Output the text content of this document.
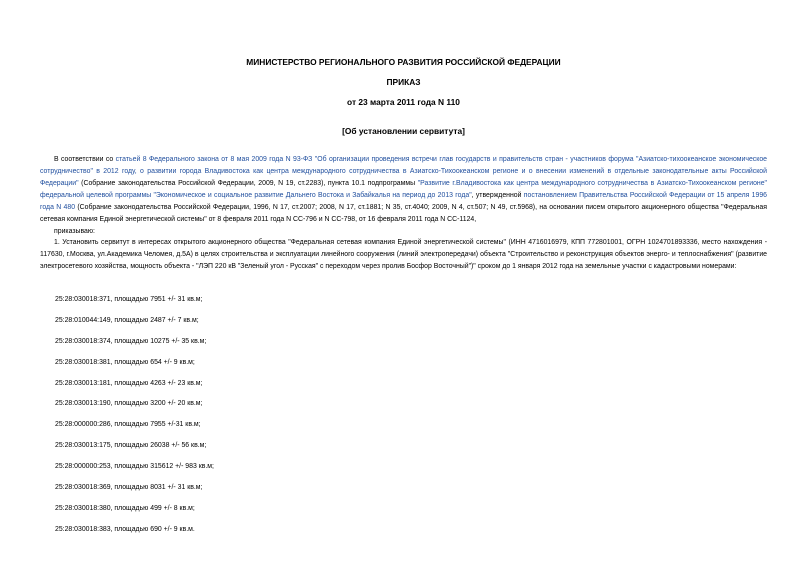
МИНИСТЕРСТВО РЕГИОНАЛЬНОГО РАЗВИТИЯ РОССИЙСКОЙ ФЕДЕРАЦИИ
ПРИКАЗ
от 23 марта 2011 года N 110
[Об установлении сервитута]
В соответствии со статьей 8 Федерального закона от 8 мая 2009 года N 93-ФЗ "Об организации проведения встречи глав государств и правительств стран - участников форума "Азиатско-тихоокеанское экономическое сотрудничество" в 2012 году, о развитии города Владивостока как центра международного сотрудничества в Азиатско-Тихоокеанском регионе и о внесении изменений в отдельные законодательные акты Российской Федерации" (Собрание законодательства Российской Федерации, 2009, N 19, ст.2283), пункта 10.1 подпрограммы "Развитие г.Владивостока как центра международного сотрудничества в Азиатско-Тихоокеанском регионе" федеральной целевой программы "Экономическое и социальное развитие Дальнего Востока и Забайкалья на период до 2013 года", утвержденной постановлением Правительства Российской Федерации от 15 апреля 1996 года N 480 (Собрание законодательства Российской Федерации, 1996, N 17, ст.2007; 2008, N 17, ст.1881; N 35, ст.4040; 2009, N 4, ст.507; N 49, ст.5968), на основании писем открытого акционерного общества "Федеральная сетевая компания Единой энергетической системы" от 8 февраля 2011 года N СС-796 и N СС-798, от 16 февраля 2011 года N СС-1124,
приказываю:
1. Установить сервитут в интересах открытого акционерного общества "Федеральная сетевая компания Единой энергетической системы" (ИНН 4716016979, КПП 772801001, ОГРН 1024701893336, место нахождения - 117630, г.Москва, ул.Академика Челомея, д.5А) в целях строительства и эксплуатации линейного сооружения (линий электропередачи) объекта "Строительство и реконструкция объектов энерго- и теплоснабжения" (развитие электросетевого хозяйства, мощность объекта - "ЛЭП 220 кВ "Зеленый угол - Русская" с переходом через пролив Босфор Восточный")" сроком до 1 января 2012 года на земельные участки с кадастровыми номерами:
25:28:030018:371, площадью 7951 +/- 31 кв.м;
25:28:010044:149, площадью 2487 +/- 7 кв.м;
25:28:030018:374, площадью 10275 +/- 35 кв.м;
25:28:030018:381, площадью 654 +/- 9 кв.м;
25:28:030013:181, площадью 4263 +/- 23 кв.м;
25:28:030013:190, площадью 3200 +/- 20 кв.м;
25:28:000000:286, площадью 7955 +/-31 кв.м;
25:28:030013:175, площадью 26038 +/- 56 кв.м;
25:28:000000:253, площадью 315612 +/- 983 кв.м;
25:28:030018:369, площадью 8031 +/- 31 кв.м;
25:28:030018:380, площадью 499 +/- 8 кв.м;
25:28:030018:383, площадью 690 +/- 9 кв.м.
